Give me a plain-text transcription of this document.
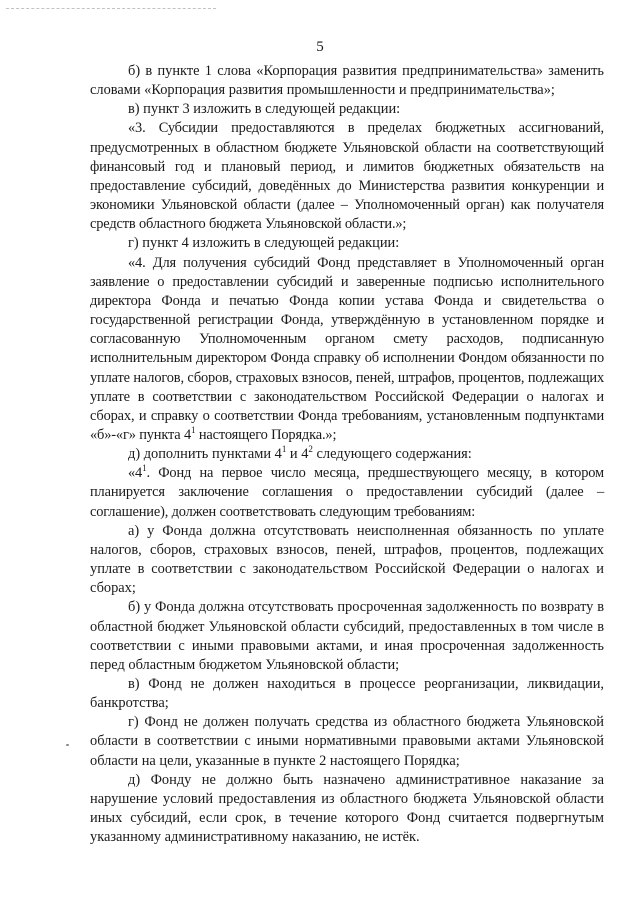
5

б) в пункте 1 слова «Корпорация развития предпринимательства» заменить словами «Корпорация развития промышленности и предпринимательства»;

в) пункт 3 изложить в следующей редакции:

«3. Субсидии предоставляются в пределах бюджетных ассигнований, предусмотренных в областном бюджете Ульяновской области на соответствующий финансовый год и плановый период, и лимитов бюджетных обязательств на предоставление субсидий, доведённых до Министерства развития конкуренции и экономики Ульяновской области (далее – Уполномоченный орган) как получателя средств областного бюджета Ульяновской области.»;

г) пункт 4 изложить в следующей редакции:

«4. Для получения субсидий Фонд представляет в Уполномоченный орган заявление о предоставлении субсидий и заверенные подписью исполнительного директора Фонда и печатью Фонда копии устава Фонда и свидетельства о государственной регистрации Фонда, утверждённую в установленном порядке и согласованную Уполномоченным органом смету расходов, подписанную исполнительным директором Фонда справку об исполнении Фондом обязанности по уплате налогов, сборов, страховых взносов, пеней, штрафов, процентов, подлежащих уплате в соответствии с законодательством Российской Федерации о налогах и сборах, и справку о соответствии Фонда требованиям, установленным подпунктами «б»-«г» пункта $4^1$ настоящего Порядка.»;

д) дополнить пунктами $4^1$ и $4^2$ следующего содержания:

«$4^1$. Фонд на первое число месяца, предшествующего месяцу, в котором планируется заключение соглашения о предоставлении субсидий (далее – соглашение), должен соответствовать следующим требованиям:

а) у Фонда должна отсутствовать неисполненная обязанность по уплате налогов, сборов, страховых взносов, пеней, штрафов, процентов, подлежащих уплате в соответствии с законодательством Российской Федерации о налогах и сборах;

б) у Фонда должна отсутствовать просроченная задолженность по возврату в областной бюджет Ульяновской области субсидий, предоставленных в том числе в соответствии с иными правовыми актами, и иная просроченная задолженность перед областным бюджетом Ульяновской области;

в) Фонд не должен находиться в процессе реорганизации, ликвидации, банкротства;

г) Фонд не должен получать средства из областного бюджета Ульяновской области в соответствии с иными нормативными правовыми актами Ульяновской области на цели, указанные в пункте 2 настоящего Порядка;

д) Фонду не должно быть назначено административное наказание за нарушение условий предоставления из областного бюджета Ульяновской области иных субсидий, если срок, в течение которого Фонд считается подвергнутым указанному административному наказанию, не истёк.
